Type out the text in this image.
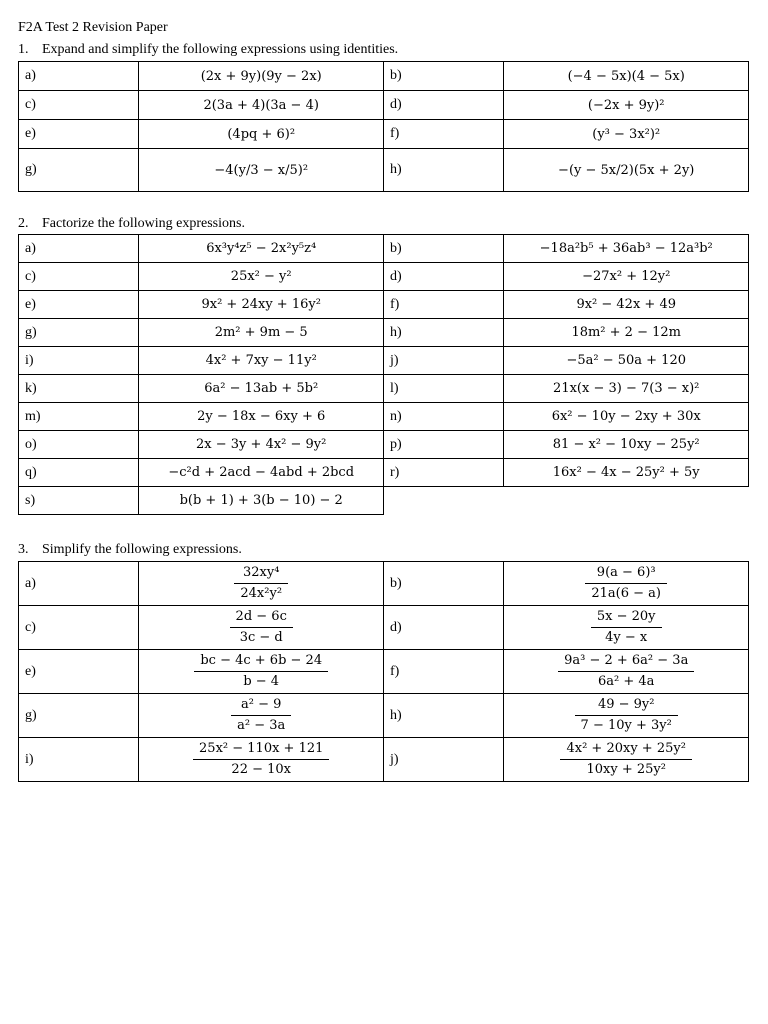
F2A Test 2 Revision Paper
1. Expand and simplify the following expressions using identities.
a)	(2x + 9y)(9y − 2x)	b)	(−4 − 5x)(4 − 5x)
c)	2(3a + 4)(3a − 4)	d)	(−2x + 9y)²
e)	(4pq + 6)²	f)	(y³ − 3x²)²
g)	−4(y/3 − x/5)²	h)	−(y − 5x/2)(5x + 2y)
2. Factorize the following expressions.
a)	6x³y⁴z⁵ − 2x²y⁵z⁴	b)	−18a²b⁵ + 36ab³ − 12a³b²
c)	25x² − y²	d)	−27x² + 12y²
e)	9x² + 24xy + 16y²	f)	9x² − 42x + 49
g)	2m² + 9m − 5	h)	18m² + 2 − 12m
i)	4x² + 7xy − 11y²	j)	−5a² − 50a + 120
k)	6a² − 13ab + 5b²	l)	21x(x − 3) − 7(3 − x)²
m)	2y − 18x − 6xy + 6	n)	6x² − 10y − 2xy + 30x
o)	2x − 3y + 4x² − 9y²	p)	81 − x² − 10xy − 25y²
q)	−c²d + 2acd − 4abd + 2bcd	r)	16x² − 4x − 25y² + 5y
s)	b(b + 1) + 3(b − 10) − 2		
3. Simplify the following expressions.
a)	$\frac{\text{32xy⁴}}{\text{24x²y²}}$	b)	$\frac{\text{9(a − 6)³}}{21a(6 - a)}$

c)	$\frac{2d - 6c}{3c - d}$	d)	$\frac{5x - 20y}{4y - x}$

e)	$\frac{bc - 4c + 6b - 24}{b - 4}$	f)	$\frac{\text{9a³ − 2 + 6a² − 3a}}{\text{6a² + 4a}}$

g)	$\frac{\text{a² − 9}}{\text{a² − 3a}}$	h)	$\frac{\text{49 − 9y²}}{\text{7 − 10y + 3y²}}$

i)	$\frac{\text{25x² − 110x + 121}}{22 - 10x}$	j)	$\frac{\text{4x² + 20xy + 25y²}}{\text{10xy + 25y²}}$
